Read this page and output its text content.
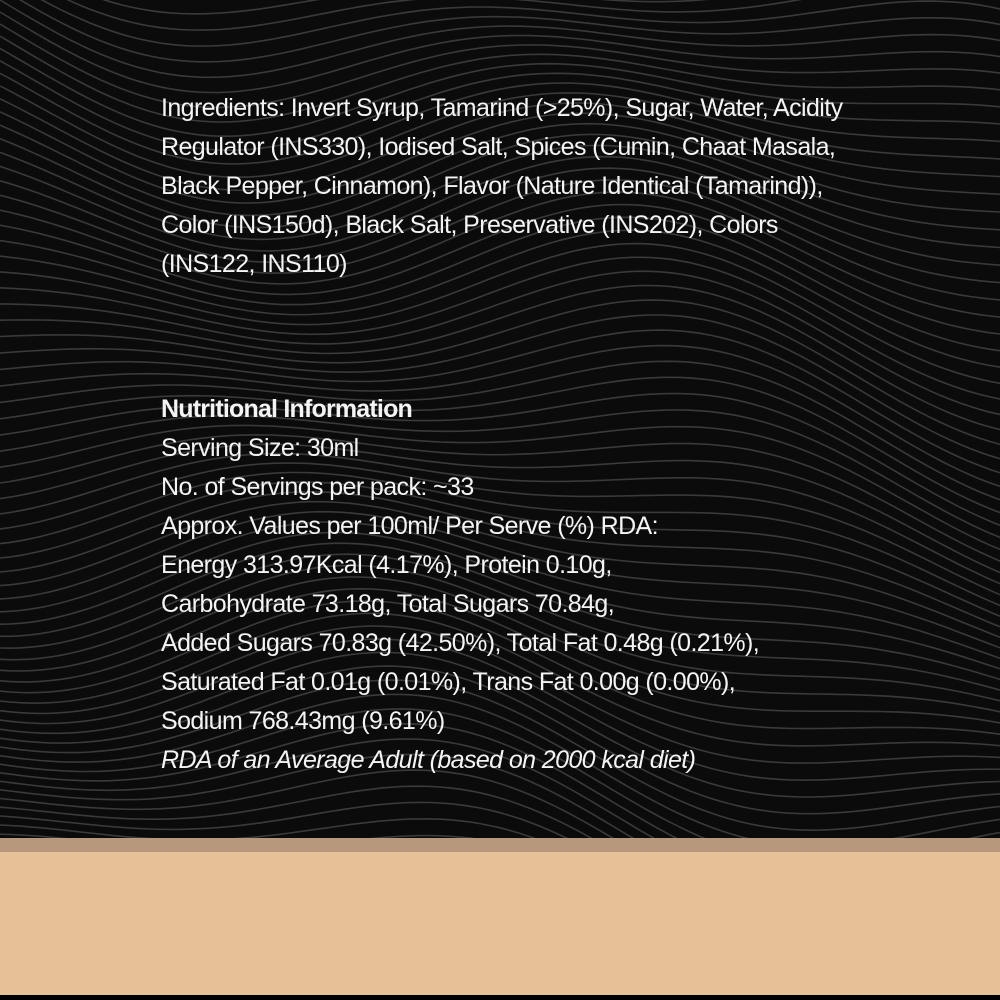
Ingredients: Invert Syrup, Tamarind (>25%), Sugar, Water, Acidity Regulator (INS330), Iodised Salt, Spices (Cumin, Chaat Masala, Black Pepper, Cinnamon), Flavor (Nature Identical (Tamarind)), Color (INS150d), Black Salt, Preservative (INS202), Colors (INS122, INS110)
Nutritional Information
Serving Size: 30ml
No. of Servings per pack: ~33
Approx. Values per 100ml/ Per Serve (%) RDA:
Energy 313.97Kcal (4.17%), Protein 0.10g,
Carbohydrate 73.18g, Total Sugars 70.84g,
Added Sugars 70.83g (42.50%), Total Fat 0.48g (0.21%),
Saturated Fat 0.01g (0.01%), Trans Fat 0.00g (0.00%),
Sodium 768.43mg (9.61%)
RDA of an Average Adult (based on 2000 kcal diet)
